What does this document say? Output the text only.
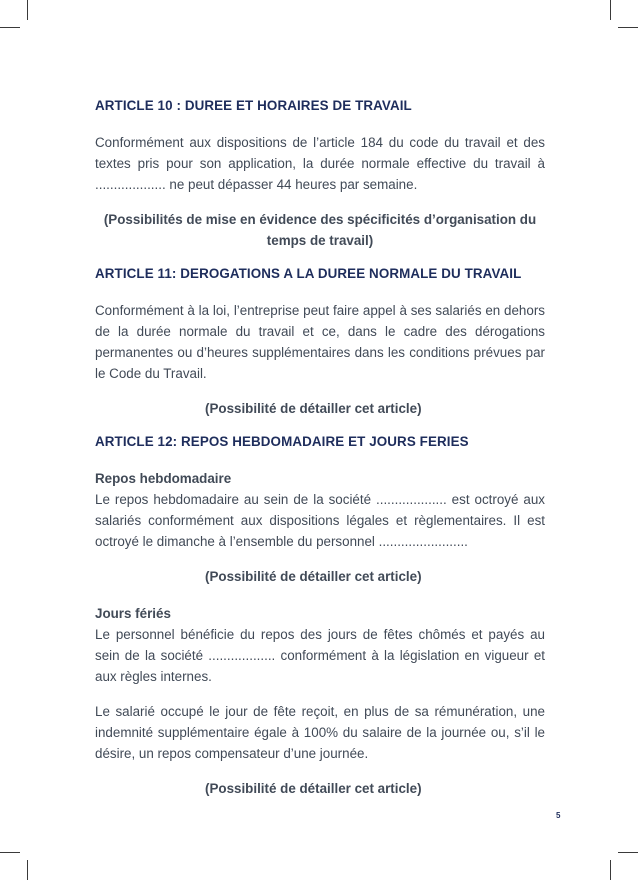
ARTICLE 10 : DUREE ET HORAIRES DE TRAVAIL

Conformément aux dispositions de l’article 184 du code du travail et des textes pris pour son application, la durée normale effective du travail à ................... ne peut dépasser 44 heures par semaine.

(Possibilités de mise en évidence des spécificités d’organisation du temps de travail)

ARTICLE 11: DEROGATIONS A LA DUREE NORMALE DU TRAVAIL

Conformément à la loi, l’entreprise peut faire appel à ses salariés en dehors de la durée normale du travail et ce, dans le cadre des dérogations permanentes ou d’heures supplémentaires dans les conditions prévues par le Code du Travail.

(Possibilité de détailler cet article)

ARTICLE 12: REPOS HEBDOMADAIRE ET JOURS FERIES

Repos hebdomadaire

Le repos hebdomadaire au sein de la société ................... est octroyé aux salariés conformément aux dispositions légales et règlementaires. Il est octroyé le dimanche à l’ensemble du personnel ........................

(Possibilité de détailler cet article)

Jours fériés

Le personnel bénéficie du repos des jours de fêtes chômés et payés au sein de la société .................. conformément à la législation en vigueur et aux règles internes.

Le salarié occupé le jour de fête reçoit, en plus de sa rémunération, une indemnité supplémentaire égale à 100% du salaire de la journée ou, s’il le désire, un repos compensateur d’une journée.

(Possibilité de détailler cet article)

5
